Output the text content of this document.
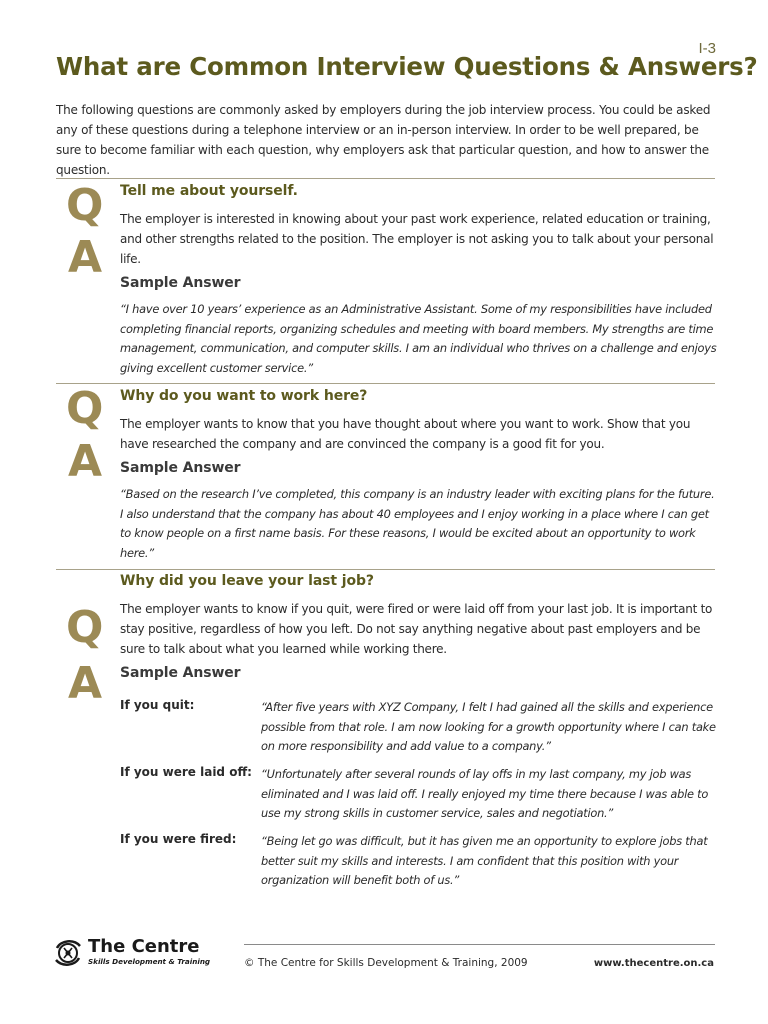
I-3
What are Common Interview Questions & Answers?
The following questions are commonly asked by employers during the job interview process. You could be asked any of these questions during a telephone interview or an in-person interview. In order to be well prepared, be sure to become familiar with each question, why employers ask that particular question, and how to answer the question.
Q
A
Tell me about yourself.
The employer is interested in knowing about your past work experience, related education or training, and other strengths related to the position. The employer is not asking you to talk about your personal life.
Sample Answer
“I have over 10 years’ experience as an Administrative Assistant. Some of my responsibilities have included completing financial reports, organizing schedules and meeting with board members. My strengths are time management, communication, and computer skills. I am an individual who thrives on a challenge and enjoys giving excellent customer service.”
Q
A
Why do you want to work here?
The employer wants to know that you have thought about where you want to work. Show that you have researched the company and are convinced the company is a good fit for you.
Sample Answer
“Based on the research I’ve completed, this company is an industry leader with exciting plans for the future. I also understand that the company has about 40 employees and I enjoy working in a place where I can get to know people on a first name basis. For these reasons, I would be excited about an opportunity to work here.”
Q
A
Why did you leave your last job?
The employer wants to know if you quit, were fired or were laid off from your last job. It is important to stay positive, regardless of how you left. Do not say anything negative about past employers and be sure to talk about what you learned while working there.
Sample Answer
If you quit:	“After five years with XYZ Company, I felt I had gained all the skills and experience possible from that role. I am now looking for a growth opportunity where I can take on more responsibility and add value to a company.”
If you were laid off: “Unfortunately after several rounds of lay offs in my last company, my job was eliminated and I was laid off. I really enjoyed my time there because I was able to use my strong skills in customer service, sales and negotiation.”
If you were fired: “Being let go was difficult, but it has given me an opportunity to explore jobs that better suit my skills and interests. I am confident that this position with your organization will benefit both of us.”
The Centre
Skills Development & Training	© The Centre for Skills Development & Training, 2009	www.thecentre.on.ca
